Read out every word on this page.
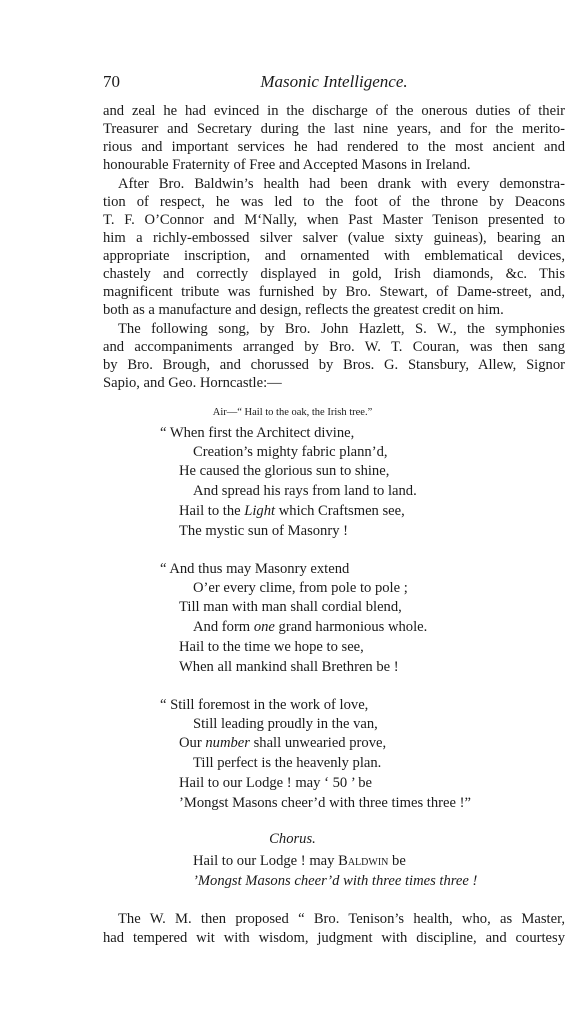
70	Masonic Intelligence.
and zeal he had evinced in the discharge of the onerous duties of their
Treasurer and Secretary during the last nine years, and for the merito-
rious and important services he had rendered to the most ancient and
honourable Fraternity of Free and Accepted Masons in Ireland.
After Bro. Baldwin’s health had been drank with every demonstra-
tion of respect, he was led to the foot of the throne by Deacons
T. F. O’Connor and M‘Nally, when Past Master Tenison presented to
him a richly-embossed silver salver (value sixty guineas), bearing an
appropriate inscription, and ornamented with emblematical devices,
chastely and correctly displayed in gold, Irish diamonds, &c. This
magnificent tribute was furnished by Bro. Stewart, of Dame-street, and,
both as a manufacture and design, reflects the greatest credit on him.
The following song, by Bro. John Hazlett, S. W., the symphonies
and accompaniments arranged by Bro. W. T. Couran, was then sang
by Bro. Brough, and chorussed by Bros. G. Stansbury, Allew, Signor
Sapio, and Geo. Horncastle:—
Air—“ Hail to the oak, the Irish tree.”
“ When first the Architect divine,
Creation’s mighty fabric plann’d,
He caused the glorious sun to shine,
And spread his rays from land to land.
Hail to the Light which Craftsmen see,
The mystic sun of Masonry !
“ And thus may Masonry extend
O’er every clime, from pole to pole ;
Till man with man shall cordial blend,
And form one grand harmonious whole.
Hail to the time we hope to see,
When all mankind shall Brethren be !
“ Still foremost in the work of love,
Still leading proudly in the van,
Our number shall unwearied prove,
Till perfect is the heavenly plan.
Hail to our Lodge ! may ‘ 50 ’ be
’Mongst Masons cheer’d with three times three !”
Chorus.
Hail to our Lodge ! may Baldwin be
’Mongst Masons cheer’d with three times three !
The W. M. then proposed “ Bro. Tenison’s health, who, as Master,
had tempered wit with wisdom, judgment with discipline, and courtesy
